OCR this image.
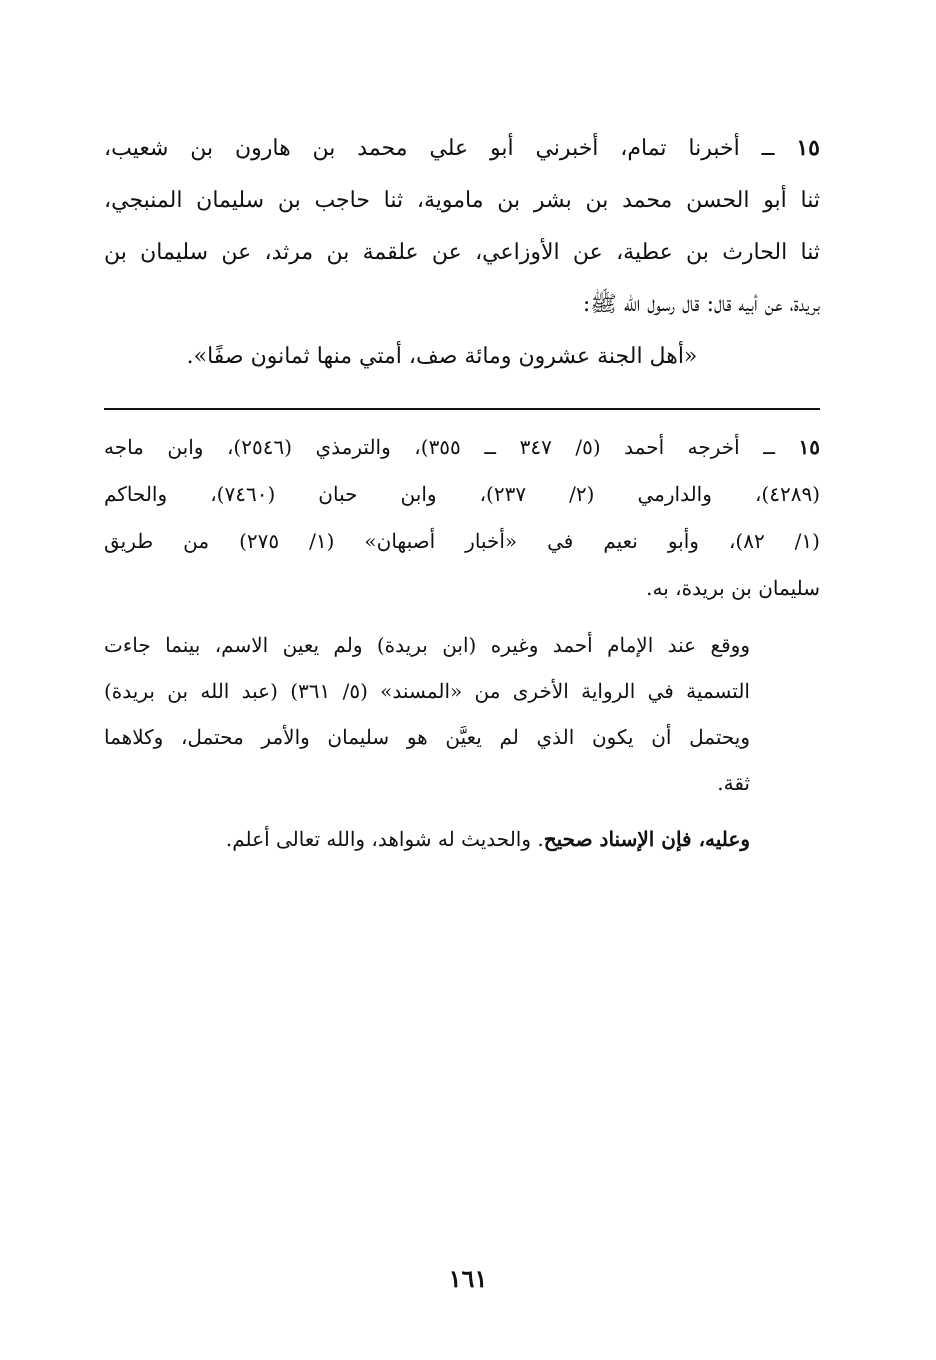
١٥ ــ أخبرنا تمام، أخبرني أبو علي محمد بن هارون بن شعيب،
ثنا أبو الحسن محمد بن بشر بن ماموية، ثنا حاجب بن سليمان المنبجي،
ثنا الحارث بن عطية، عن الأوزاعي، عن علقمة بن مرثد، عن سليمان بن
بريدة، عن أبيه قال: قال رسول الله ﷺ:
«أهل الجنة عشرون ومائة صف، أمتي منها ثمانون صفًا».
١٥ ــ أخرجه أحمد (٥/ ٣٤٧ ــ ٣٥٥)، والترمذي (٢٥٤٦)، وابن ماجه
(٤٢٨٩)، والدارمي (٢/ ٢٣٧)، وابن حبان (٧٤٦٠)، والحاكم
(١/ ٨٢)، وأبو نعيم في «أخبار أصبهان» (١/ ٢٧٥) من طريق
سليمان بن بريدة، به.
ووقع عند الإمام أحمد وغيره (ابن بريدة) ولم يعين الاسم، بينما جاءت
التسمية في الرواية الأخرى من «المسند» (٥/ ٣٦١) (عبد الله بن بريدة)
ويحتمل أن يكون الذي لم يعيَّن هو سليمان والأمر محتمل، وكلاهما
ثقة.
وعليه، فإن الإسناد صحيح. والحديث له شواهد، والله تعالى أعلم.
١٦١
